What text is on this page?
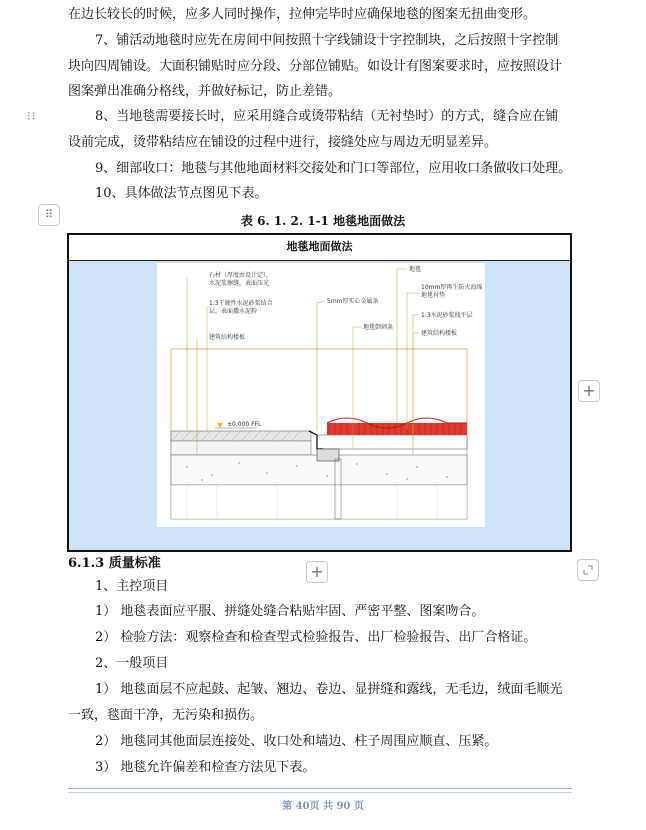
⁝⁝
在边长较长的时候，应多人同时操作，拉伸完毕时应确保地毯的图案无扭曲变形。
7、铺活动地毯时应先在房间中间按照十字线铺设十字控制块，之后按照十字控制
块向四周铺设。大面积铺贴时应分段、分部位铺贴。如设计有图案要求时，应按照设计
图案弹出准确分格线，并做好标记，防止差错。
8、当地毯需要接长时，应采用缝合或烫带粘结（无衬垫时）的方式，缝合应在铺
设前完成，烫带粘结应在铺设的过程中进行，接缝处应与周边无明显差异。
9、细部收口：地毯与其他地面材料交接处和门口等部位，应用收口条做收口处理。
10、具体做法节点图见下表。
⠿	表 6. 1. 2. 1-1 地毯地面做法
地毯地面做法
±0.000 FFL
石材（厚度由设计定），
水泥浆擦缝，表面压光
1:3干硬性水泥砂浆结合
层，表面撒水泥粉
建筑结构楼板
5mm厚实心金属条
地毯倒刺条
地毯
10mm厚再生防火海绵
地毯衬垫
1:3水泥砂浆找平层
建筑结构楼板
+
+
6.1.3 质量标准
1、主控项目
1） 地毯表面应平服、拼缝处缝合粘贴牢固、严密平整、图案吻合。
2） 检验方法：观察检查和检查型式检验报告、出厂检验报告、出厂合格证。
2、一般项目
1） 地毯面层不应起鼓、起皱、翘边、卷边、显拼缝和露线，无毛边，绒面毛顺光
一致，毯面干净，无污染和损伤。
2） 地毯同其他面层连接处、收口处和墙边、柱子周围应顺直、压紧。
3） 地毯允许偏差和检查方法见下表。
第 40页 共 90 页
